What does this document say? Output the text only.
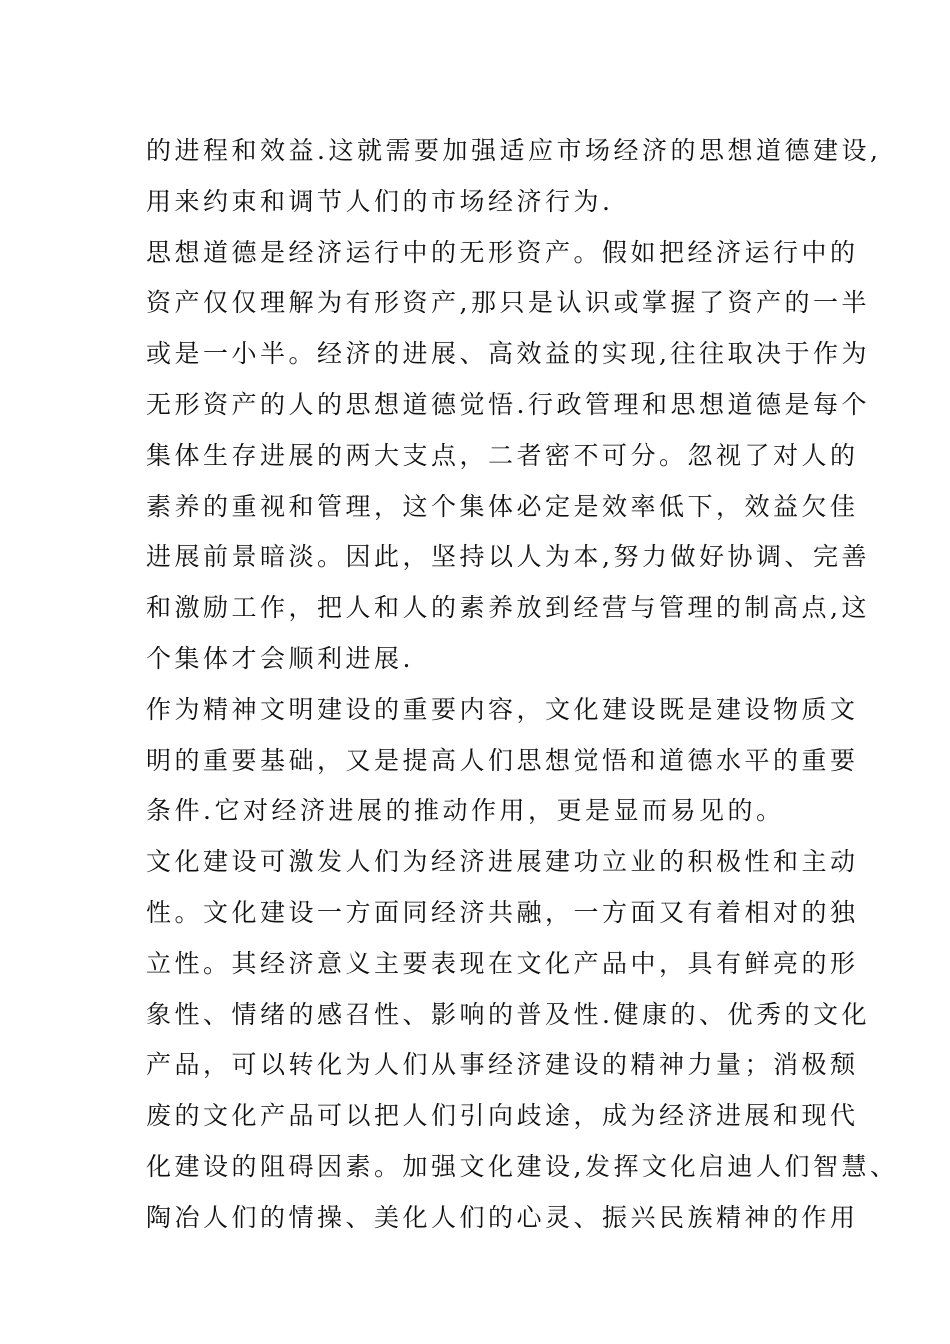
的进程和效益.这就需要加强适应市场经济的思想道德建设,
用来约束和调节人们的市场经济行为.
思想道德是经济运行中的无形资产。假如把经济运行中的
资产仅仅理解为有形资产,那只是认识或掌握了资产的一半
或是一小半。经济的进展、高效益的实现,往往取决于作为
无形资产的人的思想道德觉悟.行政管理和思想道德是每个
集体生存进展的两大支点，二者密不可分。忽视了对人的
素养的重视和管理，这个集体必定是效率低下，效益欠佳
进展前景暗淡。因此，坚持以人为本,努力做好协调、完善
和激励工作，把人和人的素养放到经营与管理的制高点,这
个集体才会顺利进展.
作为精神文明建设的重要内容，文化建设既是建设物质文
明的重要基础，又是提高人们思想觉悟和道德水平的重要
条件.它对经济进展的推动作用，更是显而易见的。
文化建设可激发人们为经济进展建功立业的积极性和主动
性。文化建设一方面同经济共融，一方面又有着相对的独
立性。其经济意义主要表现在文化产品中，具有鲜亮的形
象性、情绪的感召性、影响的普及性.健康的、优秀的文化
产品，可以转化为人们从事经济建设的精神力量；消极颓
废的文化产品可以把人们引向歧途，成为经济进展和现代
化建设的阻碍因素。加强文化建设,发挥文化启迪人们智慧、
陶冶人们的情操、美化人们的心灵、振兴民族精神的作用
